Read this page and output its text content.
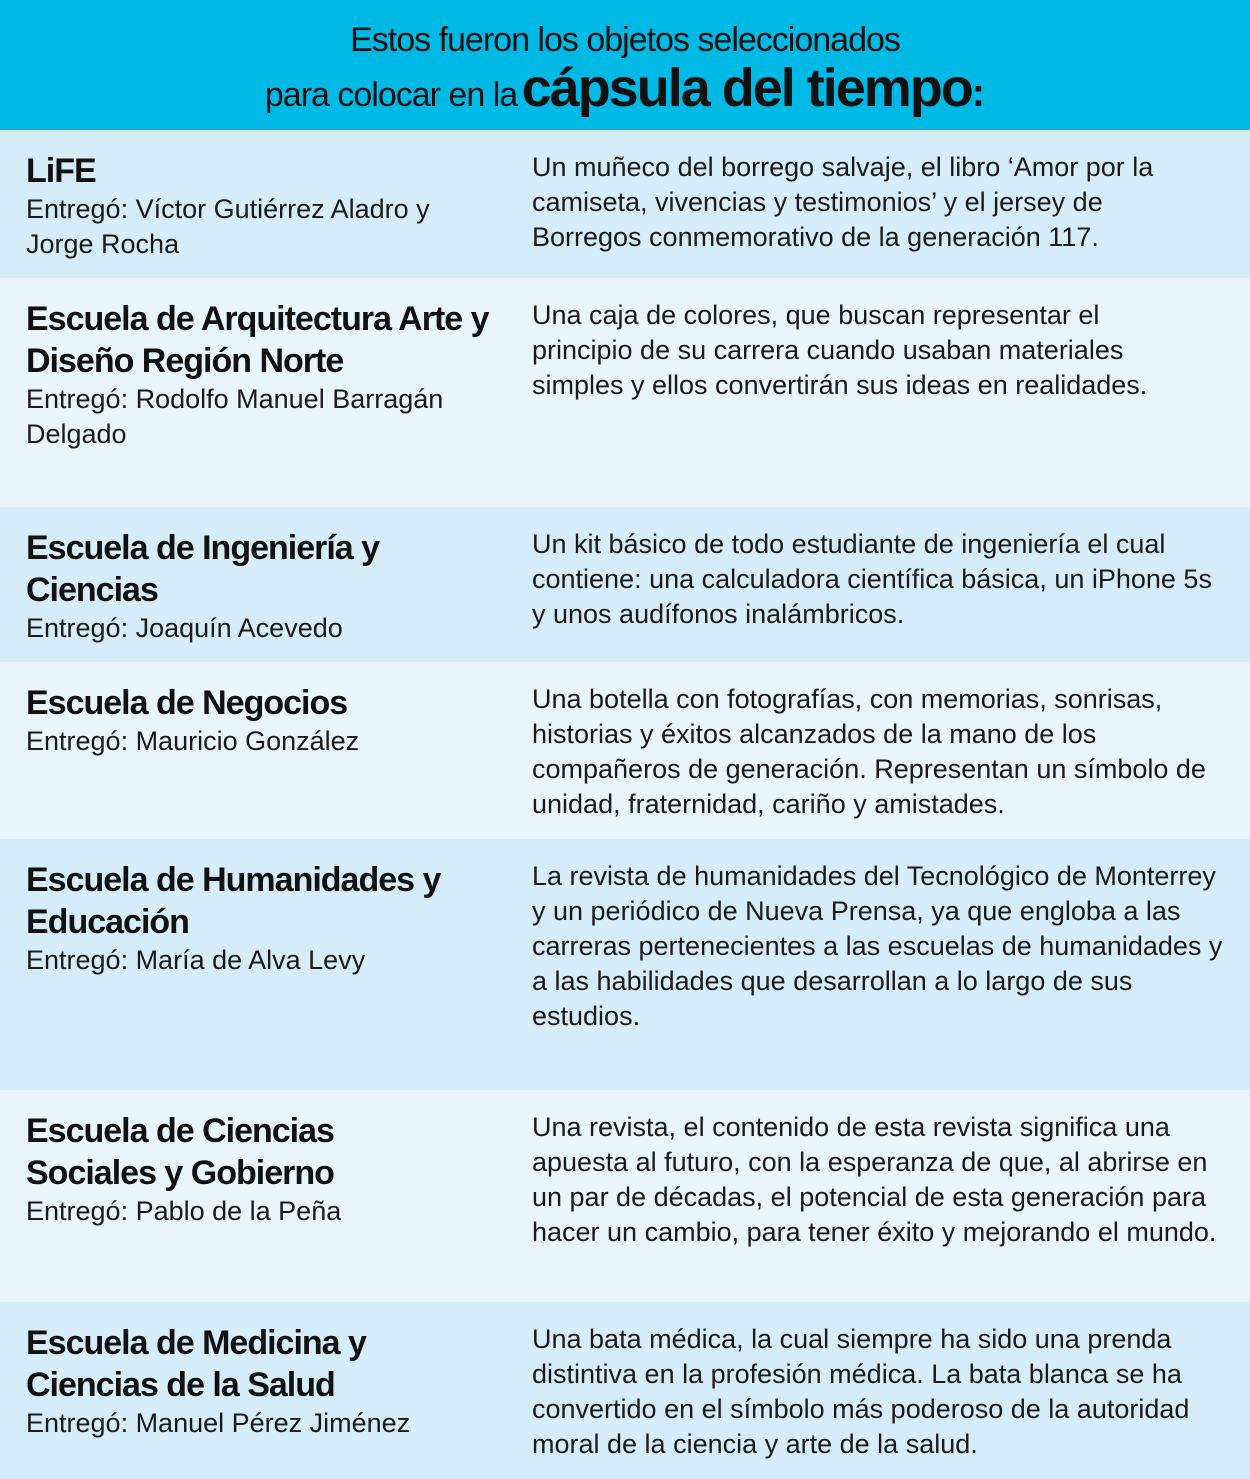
Estos fueron los objetos seleccionados
para colocar en la cápsula del tiempo:

LiFE

Entregó: Víctor Gutiérrez Aladro y Jorge Rocha

Un muñeco del borrego salvaje, el libro ‘Amor por la camiseta, vivencias y testimonios’ y el jersey de Borregos conmemorativo de la generación 117.

Escuela de Arquitectura Arte y Diseño Región Norte

Entregó: Rodolfo Manuel Barragán Delgado

Una caja de colores, que buscan representar el principio de su carrera cuando usaban materiales simples y ellos convertirán sus ideas en realidades.

Escuela de Ingeniería y Ciencias

Entregó: Joaquín Acevedo

Un kit básico de todo estudiante de ingeniería el cual contiene: una calculadora científica básica, un iPhone 5s y unos audífonos inalámbricos.

Escuela de Negocios

Entregó: Mauricio González

Una botella con fotografías, con memorias, sonrisas, historias y éxitos alcanzados de la mano de los compañeros de generación. Representan un símbolo de unidad, fraternidad, cariño y amistades.

Escuela de Humanidades y Educación

Entregó: María de Alva Levy

La revista de humanidades del Tecnológico de Monterrey y un periódico de Nueva Prensa, ya que engloba a las carreras pertenecientes a las escuelas de humanidades y a las habilidades que desarrollan a lo largo de sus estudios.

Escuela de Ciencias Sociales y Gobierno

Entregó: Pablo de la Peña

Una revista, el contenido de esta revista significa una apuesta al futuro, con la esperanza de que, al abrirse en un par de décadas, el potencial de esta generación para hacer un cambio, para tener éxito y mejorando el mundo.

Escuela de Medicina y Ciencias de la Salud

Entregó: Manuel Pérez Jiménez

Una bata médica, la cual siempre ha sido una prenda distintiva en la profesión médica. La bata blanca se ha convertido en el símbolo más poderoso de la autoridad moral de la ciencia y arte de la salud.
